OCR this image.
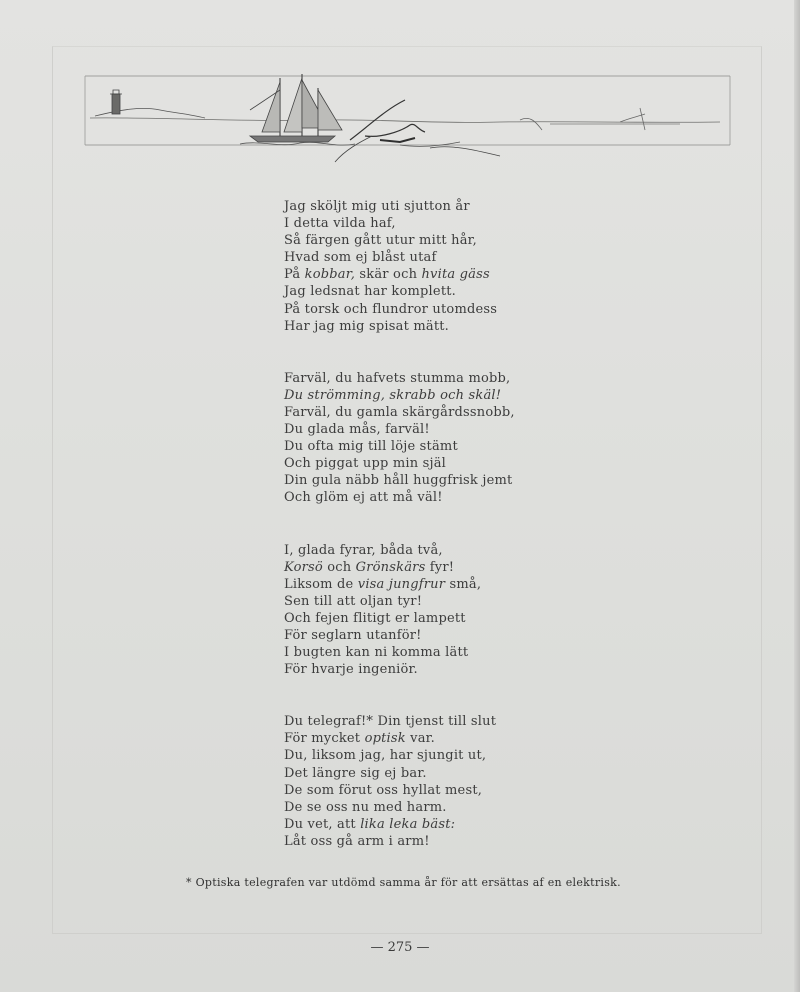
Jag sköljt mig uti sjutton år
I detta vilda haf,
Så färgen gått utur mitt hår,
Hvad som ej blåst utaf
På kobbar, skär och hvita gäss
Jag ledsnat har komplett.
På torsk och flundror utomdess
Har jag mig spisat mätt.
Farväl, du hafvets stumma mobb,
Du strömming, skrabb och skäl!
Farväl, du gamla skärgårdssnobb,
Du glada mås, farväl!
Du ofta mig till löje stämt
Och piggat upp min själ
Din gula näbb håll huggfrisk jemt
Och glöm ej att må väl!
I, glada fyrar, båda två,
Korsö och Grönskärs fyr!
Liksom de visa jungfrur små,
Sen till att oljan tyr!
Och fejen flitigt er lampett
För seglarn utanför!
I bugten kan ni komma lätt
För hvarje ingeniör.
Du telegraf!* Din tjenst till slut
För mycket optisk var.
Du, liksom jag, har sjungit ut,
Det längre sig ej bar.
De som förut oss hyllat mest,
De se oss nu med harm.
Du vet, att lika leka bäst:
Låt oss gå arm i arm!
* Optiska telegrafen var utdömd samma år för att ersättas af en elektrisk.
— 275 —
